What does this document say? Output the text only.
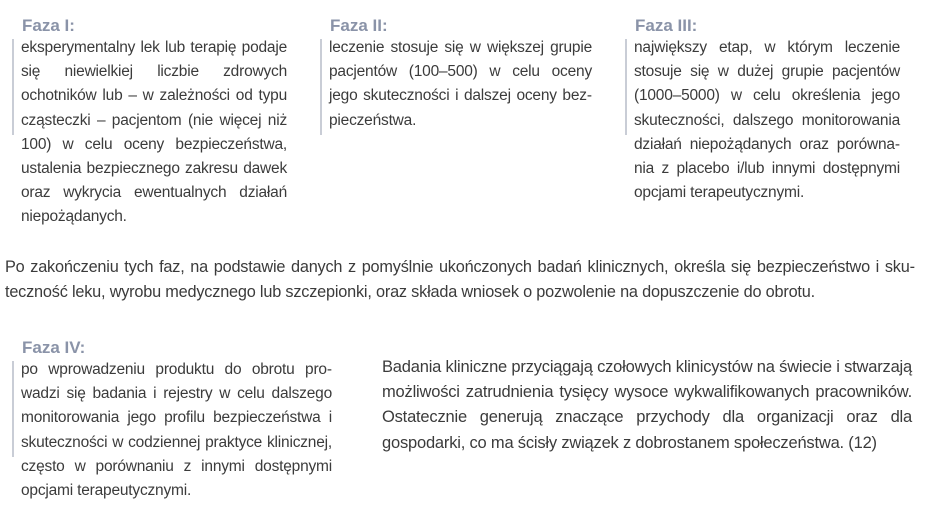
Faza I:

eksperymentalny lek lub terapię podaje się niewielkiej liczbie zdrowych ochotników lub – w zależności od typu cząsteczki – pacjentom (nie więcej niż 100) w celu oceny bezpieczeństwa, ustalenia bezpiecznego zakresu dawek oraz wykrycia ewentualnych działań niepożądanych.

Faza II:

leczenie stosuje się w większej grupie pacjentów (100–500) w celu oceny jego skuteczności i dalszej oceny bezpieczeństwa.

Faza III:

największy etap, w którym leczenie stosuje się w dużej grupie pacjentów (1000–5000) w celu określenia jego skuteczności, dalszego monitorowania działań niepożądanych oraz porównania z placebo i/lub innymi dostępnymi opcjami terapeutycznymi.

Po zakończeniu tych faz, na podstawie danych z pomyślnie ukończonych badań klinicznych, określa się bezpieczeństwo i skuteczność leku, wyrobu medycznego lub szczepionki, oraz składa wniosek o pozwolenie na dopuszczenie do obrotu.

Faza IV:

po wprowadzeniu produktu do obrotu prowadzi się badania i rejestry w celu dalszego monitorowania jego profilu bezpieczeństwa i skuteczności w codziennej praktyce klinicznej, często w porównaniu z innymi dostępnymi opcjami terapeutycznymi.

Badania kliniczne przyciągają czołowych klinicystów na świecie i stwarzają możliwości zatrudnienia tysięcy wysoce wykwalifikowanych pracowników. Ostatecznie generują znaczące przychody dla organizacji oraz dla gospodarki, co ma ścisły związek z dobrostanem społeczeństwa. (12)
